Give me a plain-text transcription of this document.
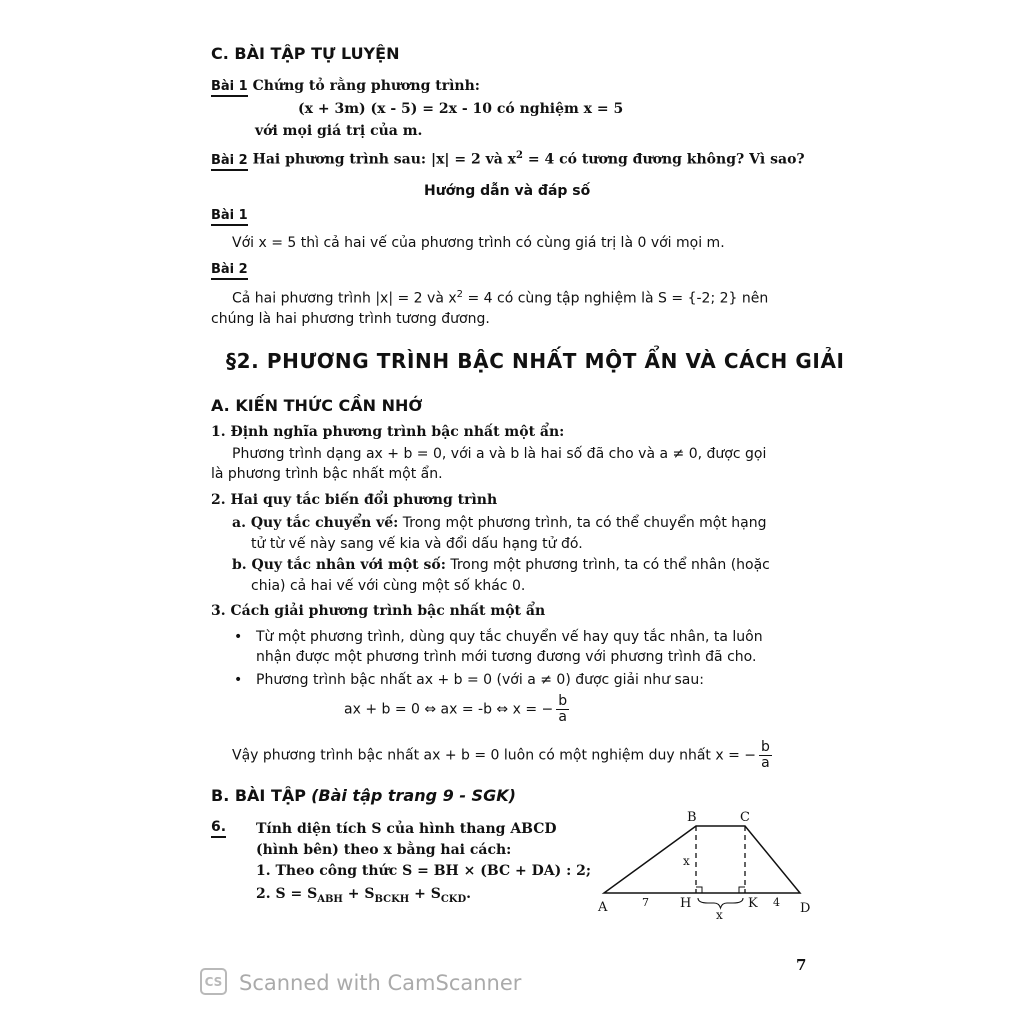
C. BÀI TẬP TỰ LUYỆN
Bài 1 Chứng tỏ rằng phương trình:
(x + 3m) (x - 5) = 2x - 10 có nghiệm x = 5
với mọi giá trị của m.
Bài 2 Hai phương trình sau: |x| = 2 và $x^2 = 4$ có tương đương không? Vì sao?
Hướng dẫn và đáp số
Bài 1
Với x = 5 thì cả hai vế của phương trình có cùng giá trị là 0 với mọi m.
Bài 2
Cả hai phương trình |x| = 2 và $x^2 = 4$ có cùng tập nghiệm là S = {-2; 2} nên
chúng là hai phương trình tương đương.
§2. PHƯƠNG TRÌNH BẬC NHẤT MỘT ẨN VÀ CÁCH GIẢI
A. KIẾN THỨC CẦN NHỚ
1. Định nghĩa phương trình bậc nhất một ẩn:
Phương trình dạng ax + b = 0, với a và b là hai số đã cho và a ≠ 0, được gọi
là phương trình bậc nhất một ẩn.
2. Hai quy tắc biến đổi phương trình
a. Quy tắc chuyển vế: Trong một phương trình, ta có thể chuyển một hạng
tử từ vế này sang vế kia và đổi dấu hạng tử đó.
b. Quy tắc nhân với một số: Trong một phương trình, ta có thể nhân (hoặc
chia) cả hai vế với cùng một số khác 0.
3. Cách giải phương trình bậc nhất một ẩn
• Từ một phương trình, dùng quy tắc chuyển vế hay quy tắc nhân, ta luôn
nhận được một phương trình mới tương đương với phương trình đã cho.
• Phương trình bậc nhất ax + b = 0 (với a ≠ 0) được giải như sau:
ax + b = 0 ⇔ ax = -b ⇔ x = − $\frac{b}{a}$
Vậy phương trình bậc nhất ax + b = 0 luôn có một nghiệm duy nhất x = − $\frac{b}{a}$
B. BÀI TẬP (Bài tập trang 9 - SGK)
6. Tính diện tích S của hình thang ABCD
(hình bên) theo x bằng hai cách:
1. Theo công thức S = BH × (BC + DA) : 2;
2. $S = S_{ABH} + S_{BCKH} + S_{CKD}$.
B	C
A	H	K	D
7	4
x
x
7
CS Scanned with CamScanner
